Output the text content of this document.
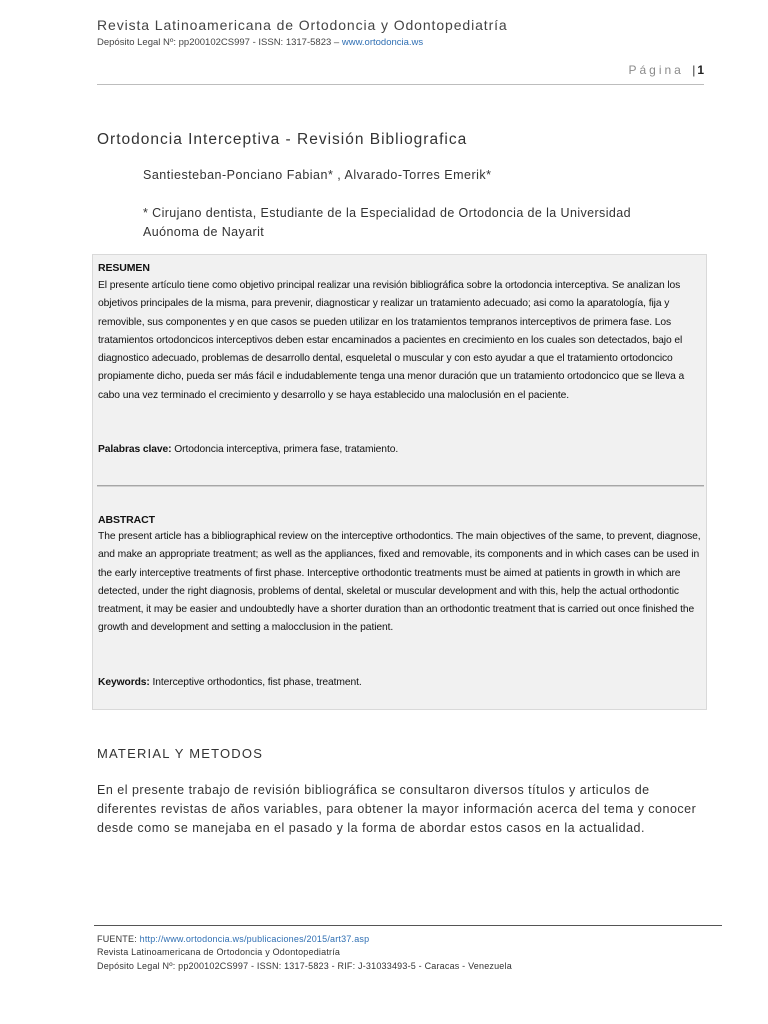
Revista Latinoamericana de Ortodoncia y Odontopediatría
Depósito Legal Nº: pp200102CS997 - ISSN: 1317-5823 – www.ortodoncia.ws
Página | 1
Ortodoncia Interceptiva - Revisión Bibliografica
Santiesteban-Ponciano Fabian* , Alvarado-Torres Emerik*
* Cirujano dentista, Estudiante de la Especialidad de Ortodoncia de la Universidad Auónoma de Nayarit
RESUMEN
El presente artículo tiene como objetivo principal realizar una revisión bibliográfica sobre la ortodoncia interceptiva. Se analizan los objetivos principales de la misma, para prevenir, diagnosticar y realizar un tratamiento adecuado; asi como la aparatología, fija y removible, sus componentes y en que casos se pueden utilizar en los tratamientos tempranos interceptivos de primera fase. Los tratamientos ortodoncicos interceptivos deben estar encaminados a pacientes en crecimiento en los cuales son detectados, bajo el diagnostico adecuado, problemas de desarrollo dental, esqueletal o muscular y con esto ayudar a que el tratamiento ortodoncico propiamente dicho, pueda ser más fácil e indudablemente tenga una menor duración que un tratamiento ortodoncico que se lleva a cabo una vez terminado el crecimiento y desarrollo y se haya establecido una maloclusión en el paciente.
Palabras clave: Ortodoncia interceptiva, primera fase, tratamiento.
ABSTRACT
The present article has a bibliographical review on the interceptive orthodontics. The main objectives of the same, to prevent, diagnose, and make an appropriate treatment; as well as the appliances, fixed and removable, its components and in which cases can be used in the early interceptive treatments of first phase. Interceptive orthodontic treatments must be aimed at patients in growth in which are detected, under the right diagnosis, problems of dental, skeletal or muscular development and with this, help the actual orthodontic treatment, it may be easier and undoubtedly have a shorter duration than an orthodontic treatment that is carried out once finished the growth and development and setting a malocclusion in the patient.
Keywords: Interceptive orthodontics, fist phase, treatment.
MATERIAL Y METODOS
En el presente trabajo de revisión bibliográfica se consultaron diversos títulos y articulos de diferentes revistas de años variables, para obtener la mayor información acerca del tema y conocer desde como se manejaba en el pasado y la forma de abordar estos casos en la actualidad.
FUENTE: http://www.ortodoncia.ws/publicaciones/2015/art37.asp
Revista Latinoamericana de Ortodoncia y Odontopediatría
Depósito Legal Nº: pp200102CS997 - ISSN: 1317-5823 - RIF: J-31033493-5 - Caracas - Venezuela
